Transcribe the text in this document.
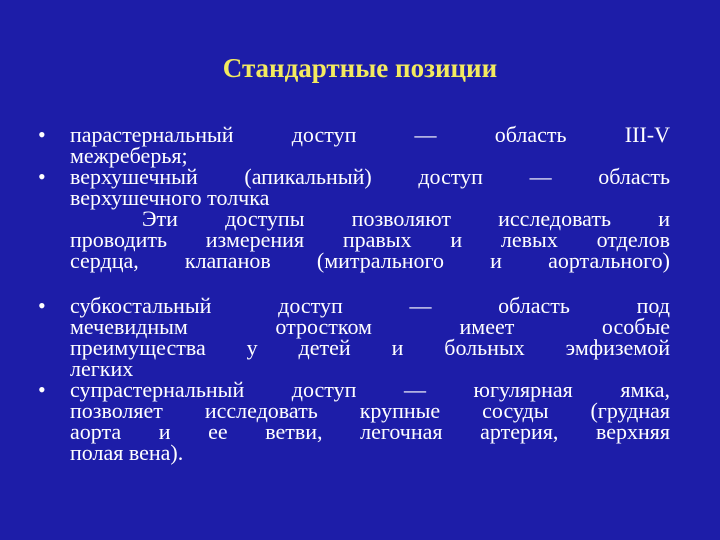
Стандартные позиции
•	парастернальный доступ — область III-V
межреберья;
•	верхушечный (апикальный) доступ — область
верхушечного толчка
Эти доступы позволяют исследовать и
проводить измерения правых и левых отделов
сердца, клапанов (митрального и аортального)
•	субкостальный доступ — область под
мечевидным отростком имеет особые
преимущества у детей и больных эмфиземой
легких
•	супрастернальный доступ — югулярная ямка,
позволяет исследовать крупные сосуды (грудная
аорта и ее ветви, легочная артерия, верхняя
полая вена).
